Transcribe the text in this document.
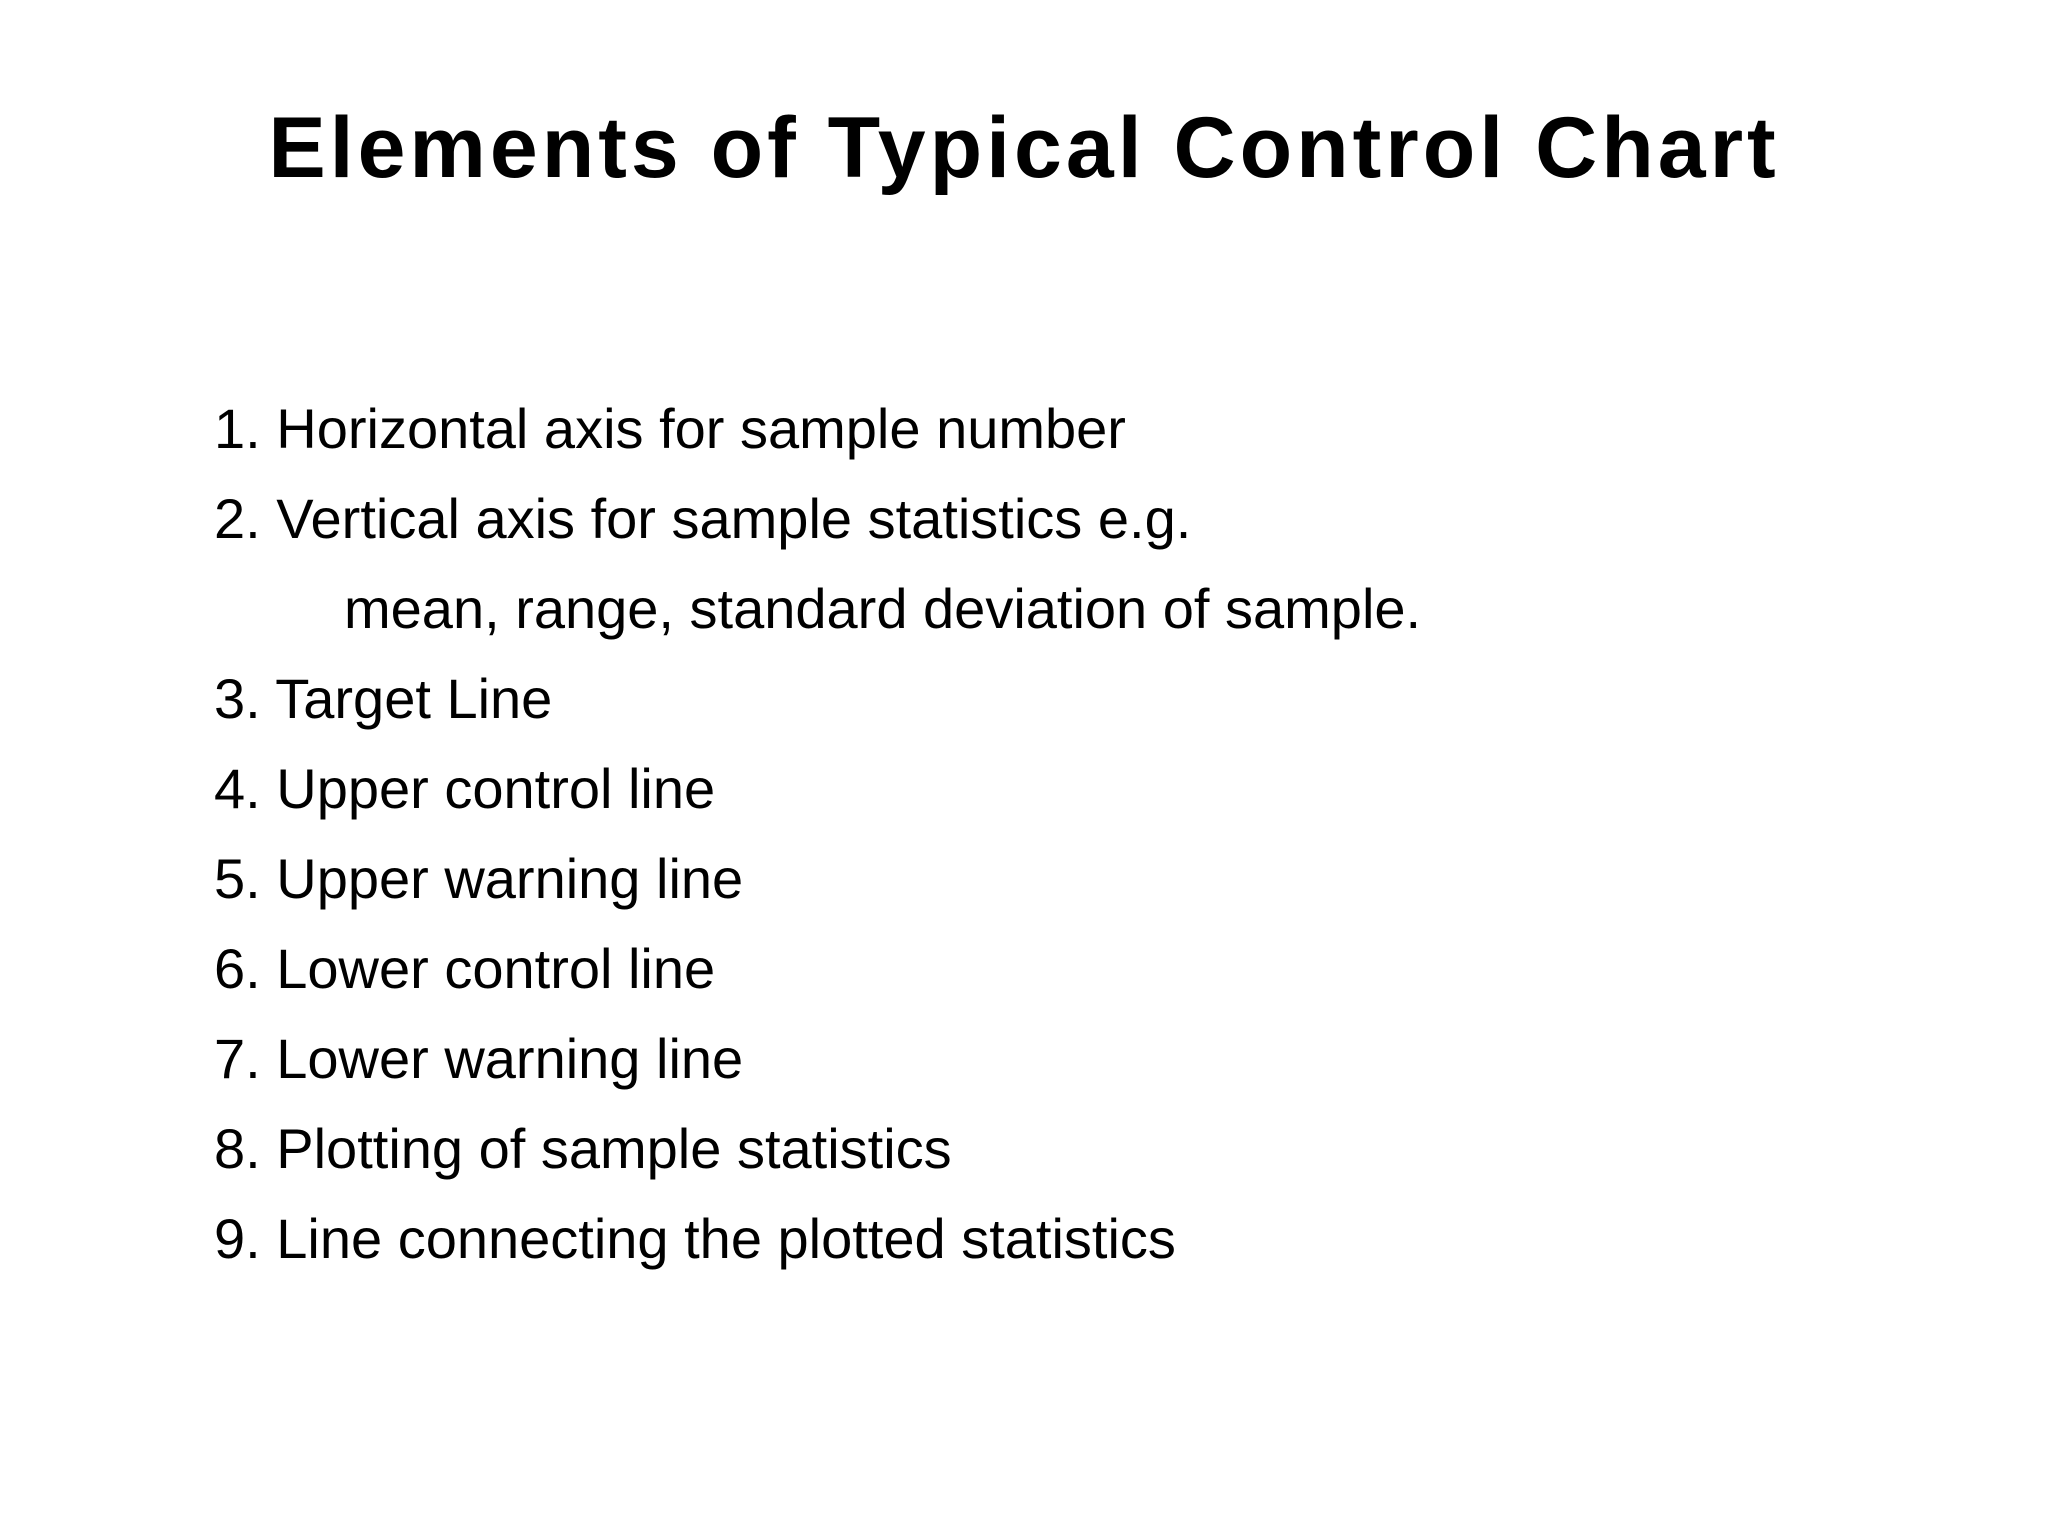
Elements of Typical Control Chart
1. Horizontal axis for sample number
2. Vertical axis for sample statistics e.g.
mean, range, standard deviation of sample.
3. Target Line
4. Upper control line
5. Upper warning line
6. Lower control line
7. Lower warning line
8. Plotting of sample statistics
9. Line connecting the plotted statistics
